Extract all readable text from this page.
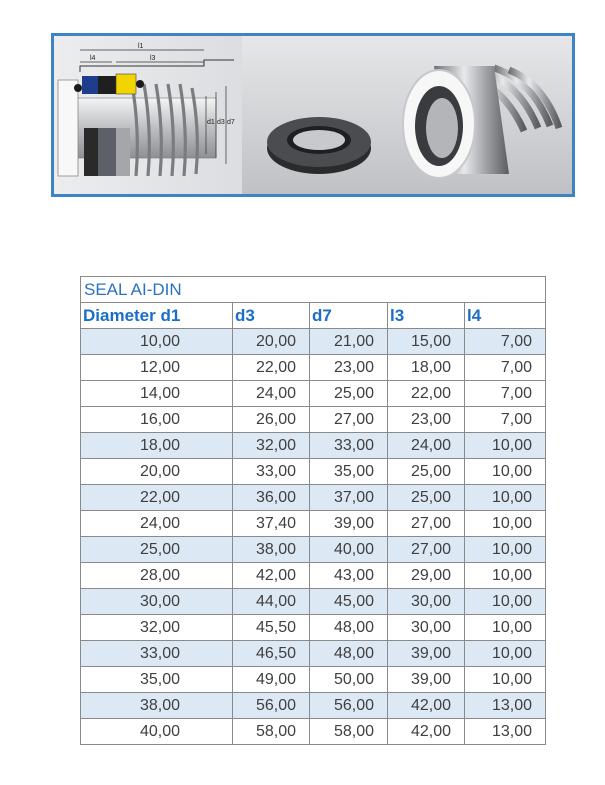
l1
l4	l3
d1 d3 d7
SEAL AI-DIN				
Diameter d1	d3	d7	l3	l4
10,00	20,00	21,00	15,00	7,00
12,00	22,00	23,00	18,00	7,00
14,00	24,00	25,00	22,00	7,00
16,00	26,00	27,00	23,00	7,00
18,00	32,00	33,00	24,00	10,00
20,00	33,00	35,00	25,00	10,00
22,00	36,00	37,00	25,00	10,00
24,00	37,40	39,00	27,00	10,00
25,00	38,00	40,00	27,00	10,00
28,00	42,00	43,00	29,00	10,00
30,00	44,00	45,00	30,00	10,00
32,00	45,50	48,00	30,00	10,00
33,00	46,50	48,00	39,00	10,00
35,00	49,00	50,00	39,00	10,00
38,00	56,00	56,00	42,00	13,00
40,00	58,00	58,00	42,00	13,00
